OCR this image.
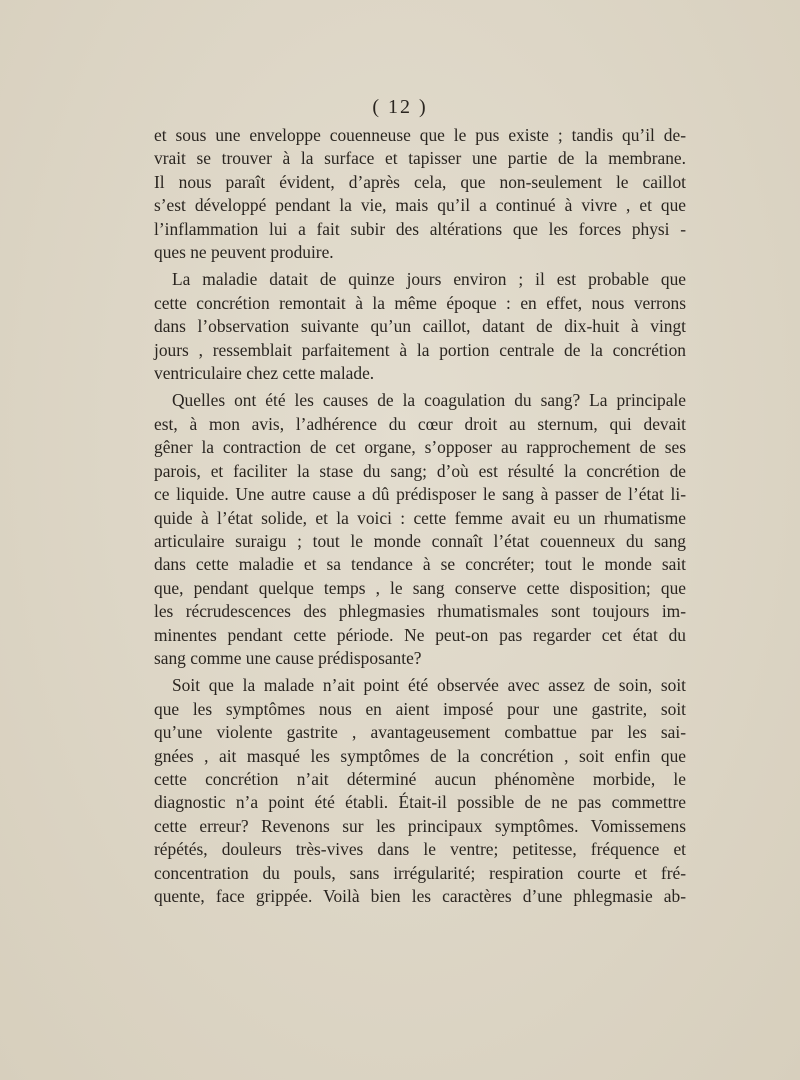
( 12 )
et sous une enveloppe couenneuse que le pus existe ; tandis qu’il de-
vrait se trouver à la surface et tapisser une partie de la membrane.
Il nous paraît évident, d’après cela, que non-seulement le caillot
s’est développé pendant la vie, mais qu’il a continué à vivre , et que
l’inflammation lui a fait subir des altérations que les forces physi -
ques ne peuvent produire.
La maladie datait de quinze jours environ ; il est probable que
cette concrétion remontait à la même époque : en effet, nous verrons
dans l’observation suivante qu’un caillot, datant de dix-huit à vingt
jours , ressemblait parfaitement à la portion centrale de la concrétion
ventriculaire chez cette malade.
Quelles ont été les causes de la coagulation du sang? La principale
est, à mon avis, l’adhérence du cœur droit au sternum, qui devait
gêner la contraction de cet organe, s’opposer au rapprochement de ses
parois, et faciliter la stase du sang; d’où est résulté la concrétion de
ce liquide. Une autre cause a dû prédisposer le sang à passer de l’état li-
quide à l’état solide, et la voici : cette femme avait eu un rhumatisme
articulaire suraigu ; tout le monde connaît l’état couenneux du sang
dans cette maladie et sa tendance à se concréter; tout le monde sait
que, pendant quelque temps , le sang conserve cette disposition; que
les récrudescences des phlegmasies rhumatismales sont toujours im-
minentes pendant cette période. Ne peut-on pas regarder cet état du
sang comme une cause prédisposante?
Soit que la malade n’ait point été observée avec assez de soin, soit
que les symptômes nous en aient imposé pour une gastrite, soit
qu’une violente gastrite , avantageusement combattue par les sai-
gnées , ait masqué les symptômes de la concrétion , soit enfin que
cette concrétion n’ait déterminé aucun phénomène morbide, le
diagnostic n’a point été établi. Était-il possible de ne pas commettre
cette erreur? Revenons sur les principaux symptômes. Vomissemens
répétés, douleurs très-vives dans le ventre; petitesse, fréquence et
concentration du pouls, sans irrégularité; respiration courte et fré-
quente, face grippée. Voilà bien les caractères d’une phlegmasie ab-
